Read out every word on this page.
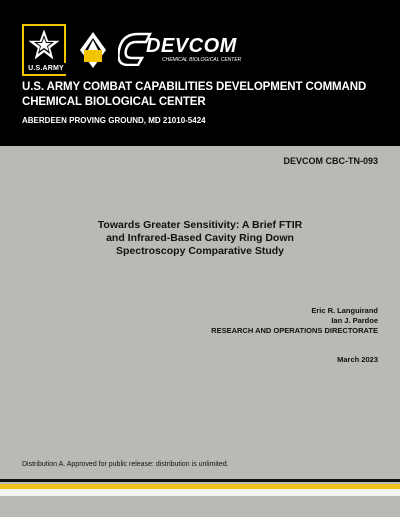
U.S.ARMY
DEVCOM
CHEMICAL BIOLOGICAL CENTER
U.S. ARMY COMBAT CAPABILITIES DEVELOPMENT COMMAND
CHEMICAL BIOLOGICAL CENTER
ABERDEEN PROVING GROUND, MD 21010-5424
DEVCOM CBC-TN-093
Towards Greater Sensitivity: A Brief FTIR
and Infrared-Based Cavity Ring Down
Spectroscopy Comparative Study
Eric R. Languirand
Ian J. Pardoe
RESEARCH AND OPERATIONS DIRECTORATE
March 2023
Distribution A. Approved for public release: distribution is unlimited.
